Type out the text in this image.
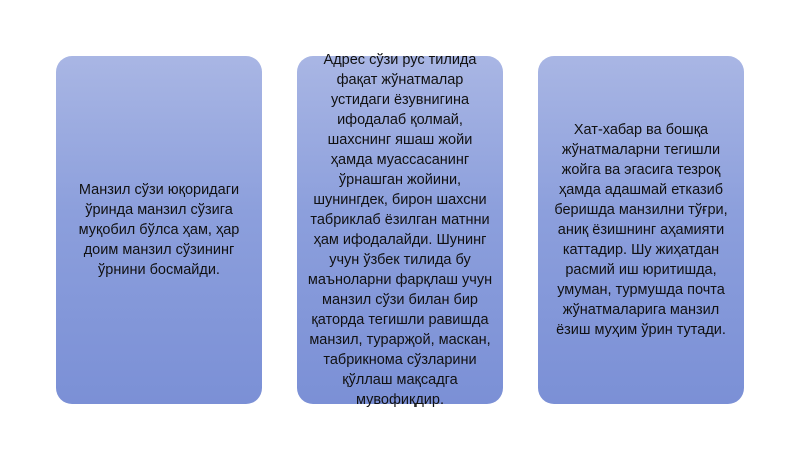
Манзил сўзи юқоридаги ўринда манзил сўзига муқобил бўлса ҳам, ҳар доим манзил сўзининг ўрнини босмайди.

Адрес сўзи рус тилида фақат жўнатмалар устидаги ёзувнигина ифодалаб қолмай, шахснинг яшаш жойи ҳамда муассасанинг ўрнашган жойини, шунингдек, бирон шахсни табриклаб ёзилган матнни ҳам ифодалайди. Шунинг учун ўзбек тилида бу маъноларни фарқлаш учун манзил сўзи билан бир қаторда тегишли равишда манзил, турарҗой, маскан, табрикнома сўзларини қўллаш мақсадга мувофиқдир.

Хат-хабар ва бошқа жўнатмаларни тегишли жойга ва эгасига тезроқ ҳамда адашмай етказиб беришда манзилни тўғри, аниқ ёзишнинг аҳамияти каттадир. Шу жиҳатдан расмий иш юритишда, умуман, турмушда почта жўнатмаларига манзил ёзиш муҳим ўрин тутади.
